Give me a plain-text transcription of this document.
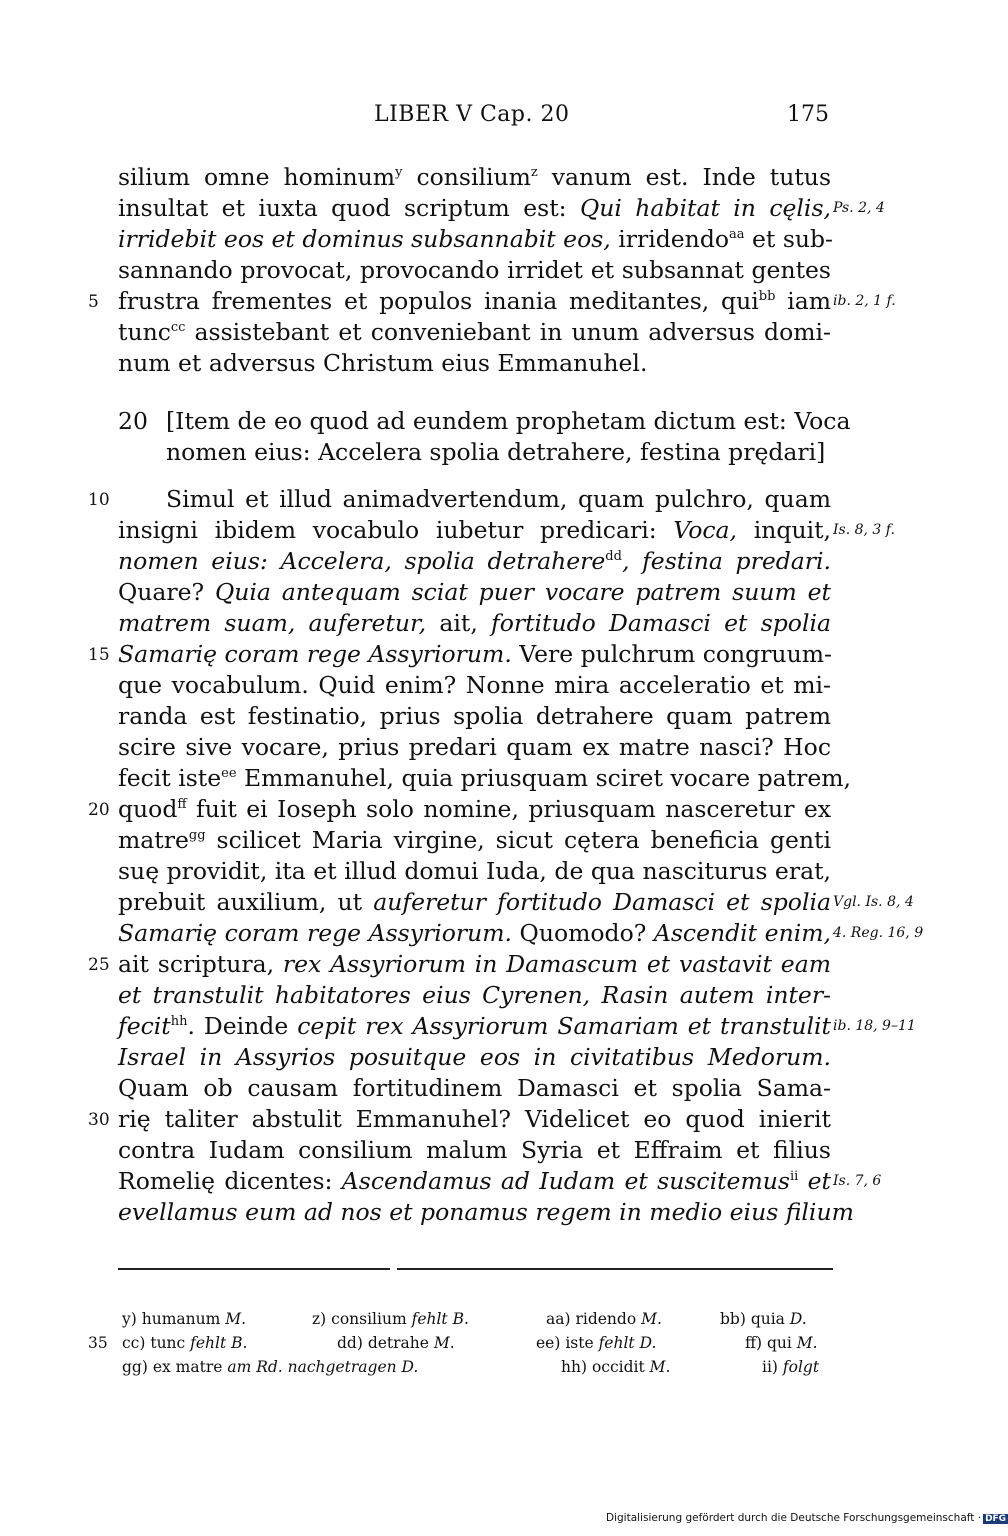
LIBER V Cap. 20	175
silium omne hominum$^y$ consilium$^z$ vanum est. Inde tutus
insultat et iuxta quod scriptum est: Qui habitat in cęlis, Ps. 2, 4
irridebit eos et dominus subsannabit eos, irridendo$^{aa}$ et sub-
sannando provocat, provocando irridet et subsannat gentes
5 frustra frementes et populos inania meditantes, qui$^{bb}$ iam ib. 2, 1 f.
tunc$^{cc}$ assistebant et conveniebant in unum adversus domi-
num et adversus Christum eius Emmanuhel.
20 [Item de eo quod ad eundem prophetam dictum est: Voca
nomen eius: Accelera spolia detrahere, festina prędari]
10 Simul et illud animadvertendum, quam pulchro, quam
insigni ibidem vocabulo iubetur predicari: Voca, inquit, Is. 8, 3 f.
nomen eius: Accelera, spolia detrahere$^{dd}$, festina predari.
Quare? Quia antequam sciat puer vocare patrem suum et
matrem suam, auferetur, ait, fortitudo Damasci et spolia
15 Samarię coram rege Assyriorum. Vere pulchrum congruum-
que vocabulum. Quid enim? Nonne mira acceleratio et mi-
randa est festinatio, prius spolia detrahere quam patrem
scire sive vocare, prius predari quam ex matre nasci? Hoc
fecit iste$^{ee}$ Emmanuhel, quia priusquam sciret vocare patrem,
20 quod$^{ff}$ fuit ei Ioseph solo nomine, priusquam nasceretur ex
matre$^{gg}$ scilicet Maria virgine, sicut cętera beneficia genti
suę providit, ita et illud domui Iuda, de qua nasciturus erat,
prebuit auxilium, ut auferetur fortitudo Damasci et spolia Vgl. Is. 8, 4
Samarię coram rege Assyriorum. Quomodo? Ascendit enim, 4. Reg. 16, 9
25 ait scriptura, rex Assyriorum in Damascum et vastavit eam
et transtulit habitatores eius Cyrenen, Rasin autem inter-
fecit$^{hh}$. Deinde cepit rex Assyriorum Samariam et transtulit ib. 18, 9–11
Israel in Assyrios posuitque eos in civitatibus Medorum.
Quam ob causam fortitudinem Damasci et spolia Sama-
30 rię taliter abstulit Emmanuhel? Videlicet eo quod inierit
contra Iudam consilium malum Syria et Effraim et filius
Romelię dicentes: Ascendamus ad Iudam et suscitemus$^{ii}$ et Is. 7, 6
evellamus eum ad nos et ponamus regem in medio eius filium
y) humanum M.	z) consilium fehlt B.	aa) ridendo M.	bb) quia D.
35 cc) tunc fehlt B.	dd) detrahe M.	ee) iste fehlt D.	ff) qui M.
gg) ex matre am Rd. nachgetragen D.	hh) occidit M.	ii) folgt
Digitalisierung gefördert durch die Deutsche Forschungsgemeinschaft · DFG
